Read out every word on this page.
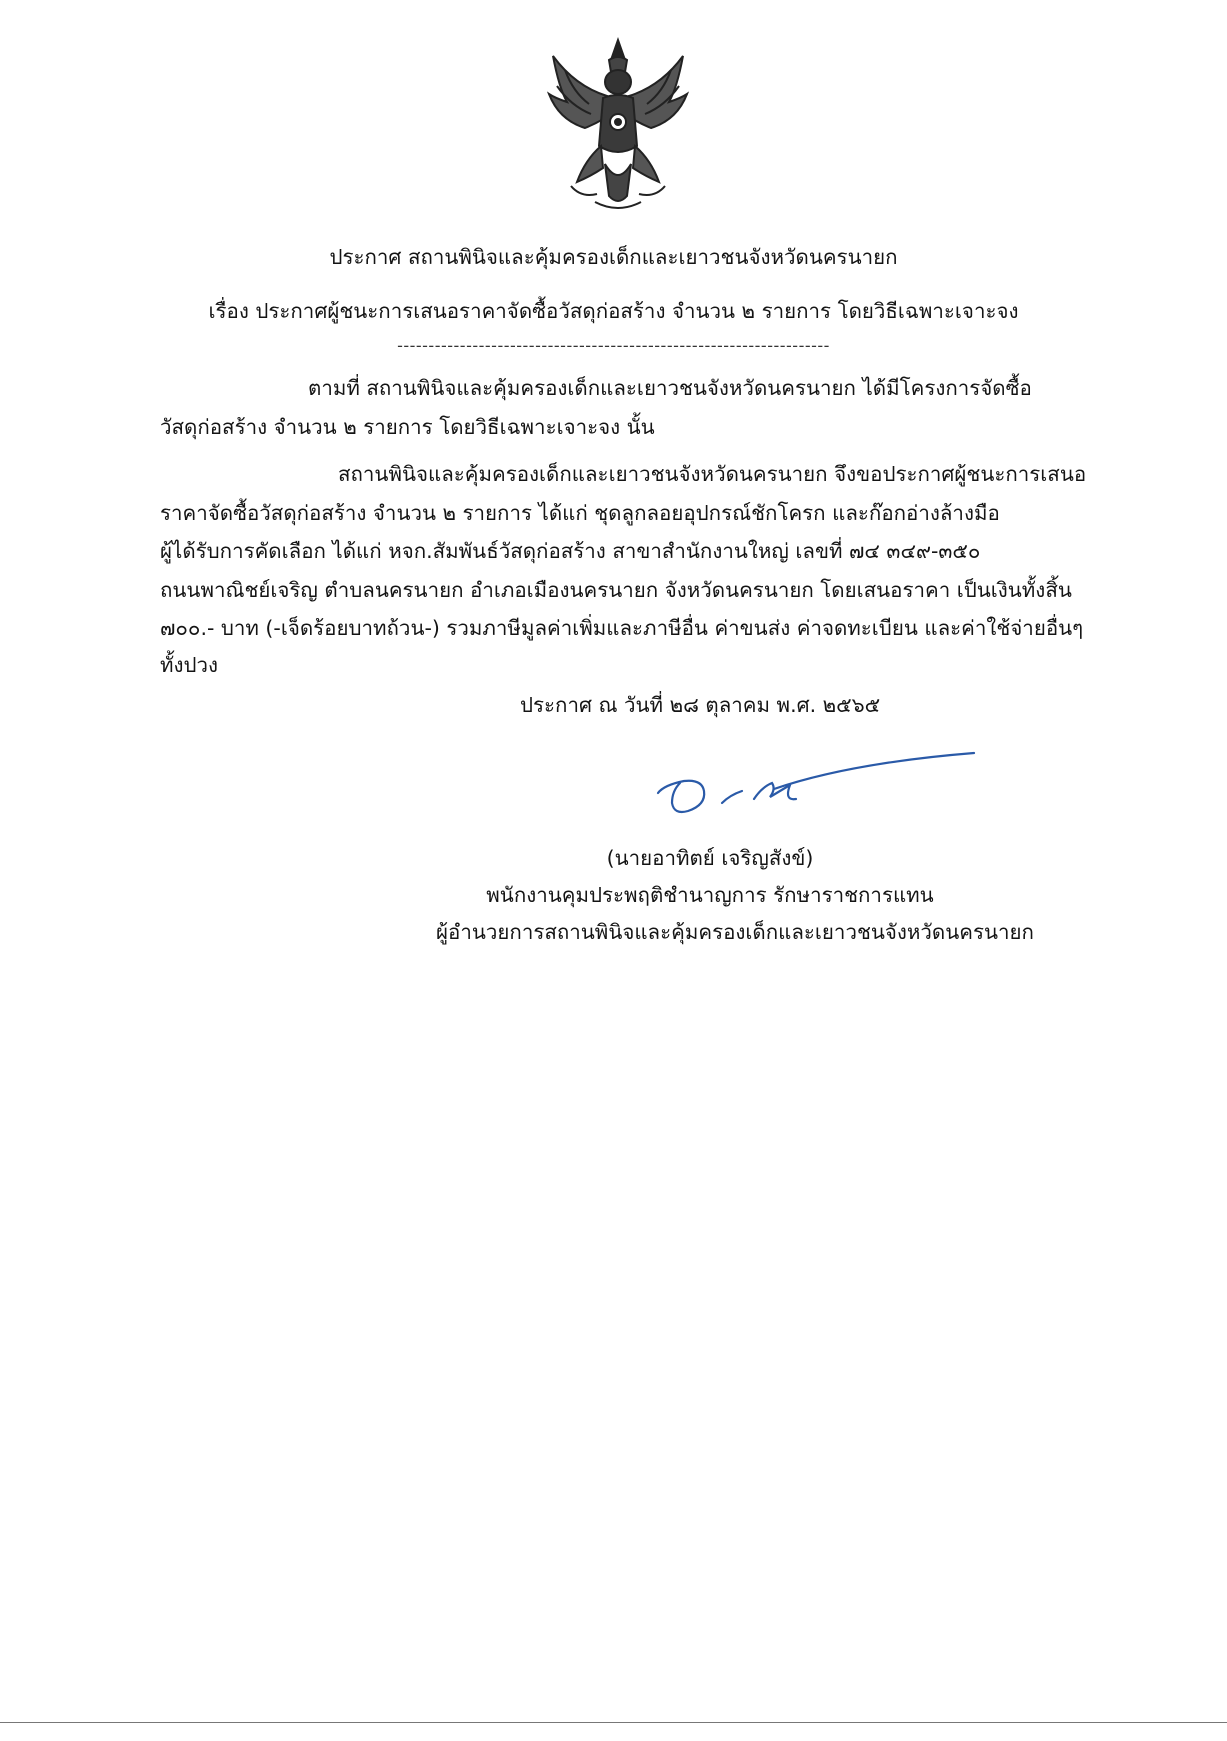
ประกาศ สถานพินิจและคุ้มครองเด็กและเยาวชนจังหวัดนครนายก
เรื่อง ประกาศผู้ชนะการเสนอราคาจัดซื้อวัสดุก่อสร้าง จำนวน ๒ รายการ โดยวิธีเฉพาะเจาะจง
---------------------------------------------------------------------
ตามที่ สถานพินิจและคุ้มครองเด็กและเยาวชนจังหวัดนครนายก ได้มีโครงการจัดซื้อ
วัสดุก่อสร้าง จำนวน ๒ รายการ โดยวิธีเฉพาะเจาะจง นั้น
สถานพินิจและคุ้มครองเด็กและเยาวชนจังหวัดนครนายก จึงขอประกาศผู้ชนะการเสนอ
ราคาจัดซื้อวัสดุก่อสร้าง จำนวน ๒ รายการ ได้แก่ ชุดลูกลอยอุปกรณ์ชักโครก และก๊อกอ่างล้างมือ
ผู้ได้รับการคัดเลือก ได้แก่ หจก.สัมพันธ์วัสดุก่อสร้าง สาขาสำนักงานใหญ่ เลขที่ ๗๔ ๓๔๙-๓๕๐
ถนนพาณิชย์เจริญ ตำบลนครนายก อำเภอเมืองนครนายก จังหวัดนครนายก โดยเสนอราคา เป็นเงินทั้งสิ้น
๗๐๐.- บาท (-เจ็ดร้อยบาทถ้วน-) รวมภาษีมูลค่าเพิ่มและภาษีอื่น ค่าขนส่ง ค่าจดทะเบียน และค่าใช้จ่ายอื่นๆ
ทั้งปวง
ประกาศ ณ วันที่ ๒๘ ตุลาคม พ.ศ. ๒๕๖๕
(นายอาทิตย์ เจริญสังข์)
พนักงานคุมประพฤติชำนาญการ รักษาราชการแทน
ผู้อำนวยการสถานพินิจและคุ้มครองเด็กและเยาวชนจังหวัดนครนายก
